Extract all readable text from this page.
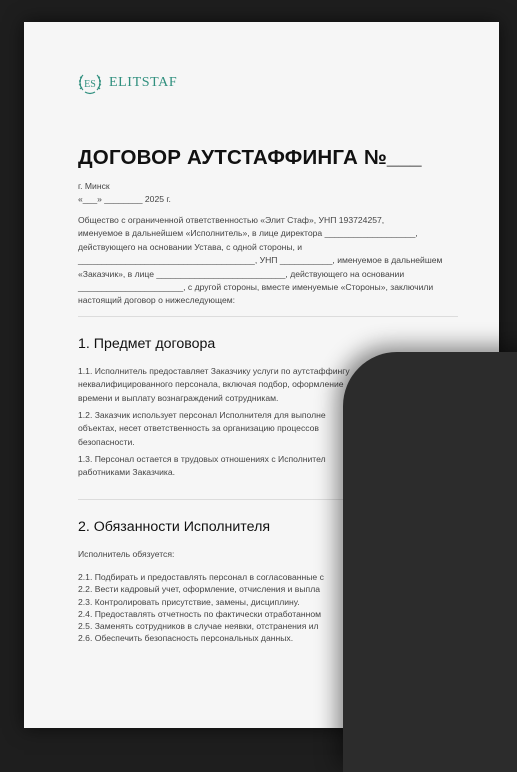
ES ELITSTAF
ДОГОВОР АУТСТАФФИНГА №___
г. Минск
«___» ________ 2025 г.
Общество с ограниченной ответственностью «Элит Стаф», УНП 193724257,
именуемое в дальнейшем «Исполнитель», в лице директора ___________________,
действующего на основании Устава, с одной стороны, и
_____________________________________, УНП ___________, именуемое в дальнейшем
«Заказчик», в лице ___________________________, действующего на основании
______________________, с другой стороны, вместе именуемые «Стороны», заключили
настоящий договор о нижеследующем:
1. Предмет договора
1.1. Исполнитель предоставляет Заказчику услуги по аутстаффингу
неквалифицированного персонала, включая подбор, оформление
времени и выплату вознаграждений сотрудникам.
1.2. Заказчик использует персонал Исполнителя для выполне
объектах, несет ответственность за организацию процессов
безопасности.
1.3. Персонал остается в трудовых отношениях с Исполнител
работниками Заказчика.
2. Обязанности Исполнителя
Исполнитель обязуется:
2.1. Подбирать и предоставлять персонал в согласованные с
2.2. Вести кадровый учет, оформление, отчисления и выпла
2.3. Контролировать присутствие, замены, дисциплину.
2.4. Предоставлять отчетность по фактически отработанном
2.5. Заменять сотрудников в случае неявки, отстранения ил
2.6. Обеспечить безопасность персональных данных.
